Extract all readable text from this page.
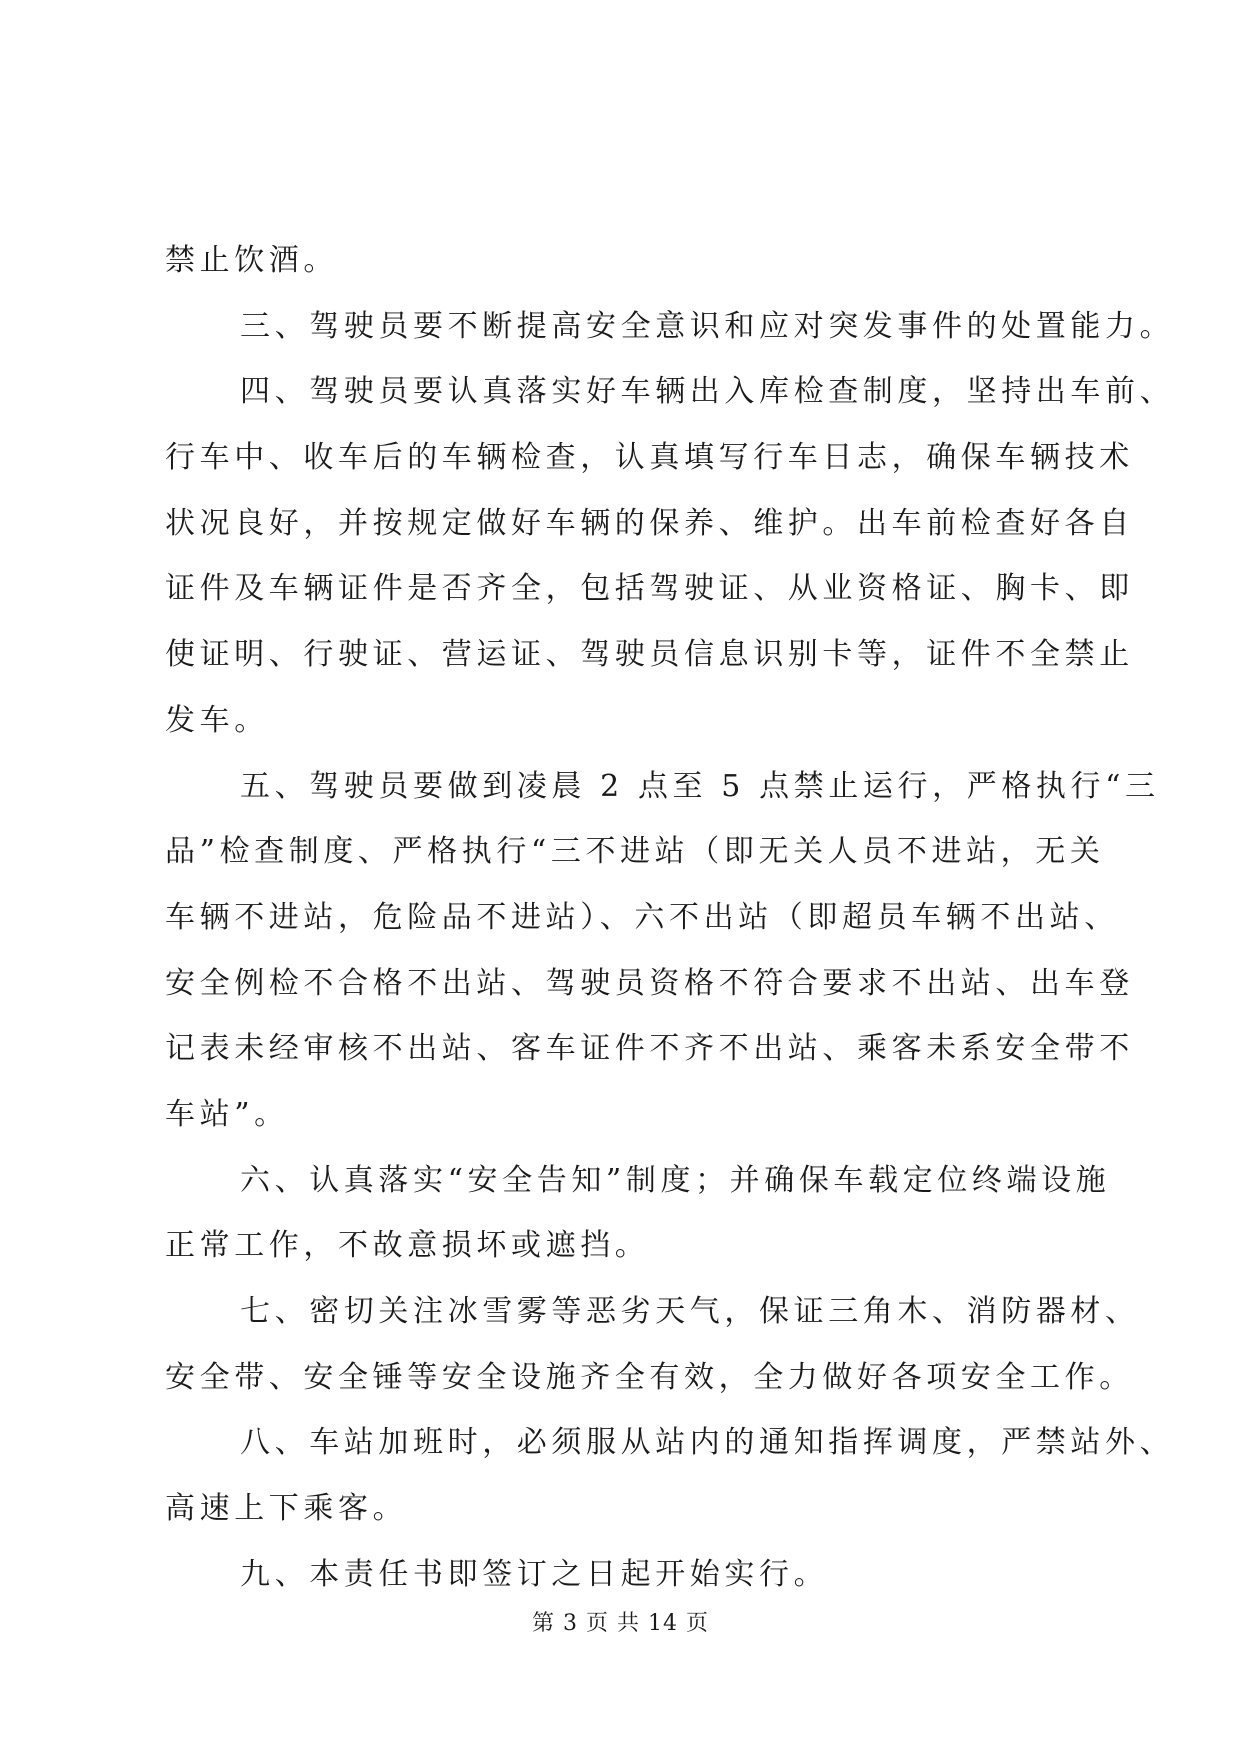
禁止饮酒。
三、驾驶员要不断提高安全意识和应对突发事件的处置能力。
四、驾驶员要认真落实好车辆出入库检查制度，坚持出车前、
行车中、收车后的车辆检查，认真填写行车日志，确保车辆技术
状况良好，并按规定做好车辆的保养、维护。出车前检查好各自
证件及车辆证件是否齐全，包括驾驶证、从业资格证、胸卡、即
使证明、行驶证、营运证、驾驶员信息识别卡等，证件不全禁止
发车。
五、驾驶员要做到凌晨 2 点至 5 点禁止运行，严格执行“三
品”检查制度、严格执行“三不进站（即无关人员不进站，无关
车辆不进站，危险品不进站）、六不出站（即超员车辆不出站、
安全例检不合格不出站、驾驶员资格不符合要求不出站、出车登
记表未经审核不出站、客车证件不齐不出站、乘客未系安全带不
车站”。
六、认真落实“安全告知”制度；并确保车载定位终端设施
正常工作，不故意损坏或遮挡。
七、密切关注冰雪雾等恶劣天气，保证三角木、消防器材、
安全带、安全锤等安全设施齐全有效，全力做好各项安全工作。
八、车站加班时，必须服从站内的通知指挥调度，严禁站外、
高速上下乘客。
九、本责任书即签订之日起开始实行。
第 3 页 共 14 页
